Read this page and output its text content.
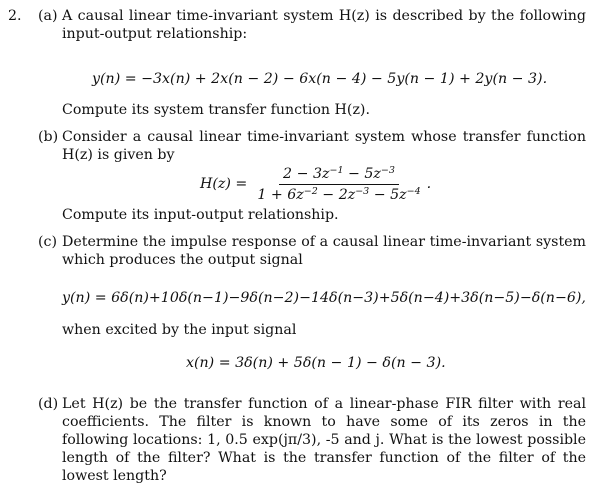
2. (a) A causal linear time-invariant system H(z) is described by the following input-output relationship:
y(n) = −3x(n) + 2x(n − 2) − 6x(n − 4) − 5y(n − 1) + 2y(n − 3).
Compute its system transfer function H(z).
(b) Consider a causal linear time-invariant system whose transfer function H(z) is given by
$H(z) = \frac{2 - 3z^{-1} - 5z^{-3}}{1 + 6z^{-2} - 2z^{-3} - 5z^{-4}}$ .
Compute its input-output relationship.
(c) Determine the impulse response of a causal linear time-invariant system which produces the output signal
y(n) = 6δ(n)+10δ(n−1)−9δ(n−2)−14δ(n−3)+5δ(n−4)+3δ(n−5)−δ(n−6),
when excited by the input signal
x(n) = 3δ(n) + 5δ(n − 1) − δ(n − 3).
(d) Let H(z) be the transfer function of a linear-phase FIR filter with real coefficients. The filter is known to have some of its zeros in the following locations: 1, 0.5 exp(jπ/3), -5 and j. What is the lowest possible length of the filter? What is the transfer function of the filter of the lowest length?
